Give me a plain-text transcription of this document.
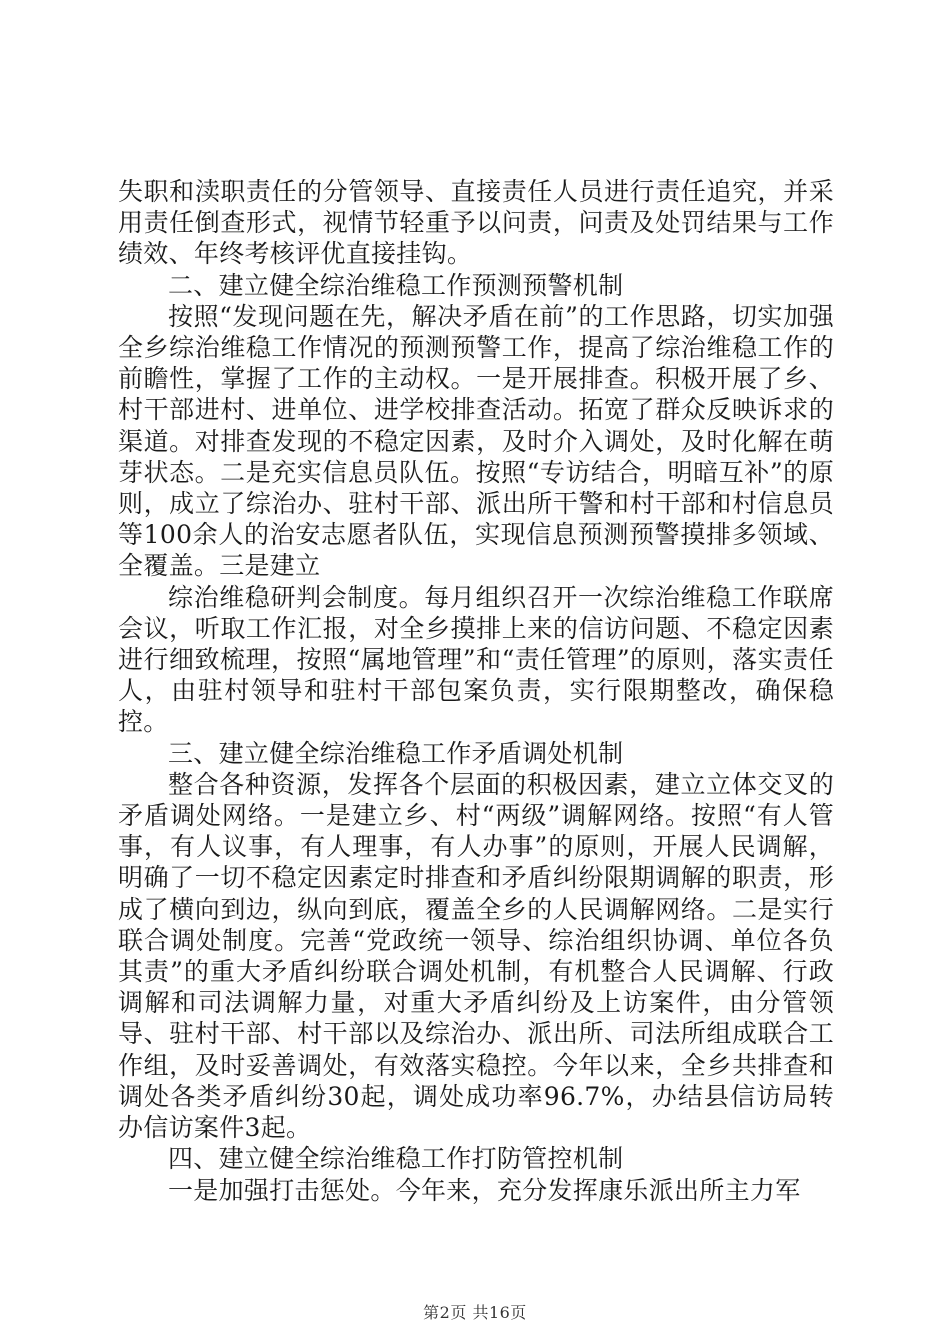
失职和渎职责任的分管领导、直接责任人员进行责任追究，并采用责任倒查形式，视情节轻重予以问责，问责及处罚结果与工作绩效、年终考核评优直接挂钩。

二、建立健全综治维稳工作预测预警机制

按照“发现问题在先，解决矛盾在前”的工作思路，切实加强全乡综治维稳工作情况的预测预警工作，提高了综治维稳工作的前瞻性，掌握了工作的主动权。一是开展排查。积极开展了乡、村干部进村、进单位、进学校排查活动。拓宽了群众反映诉求的渠道。对排查发现的不稳定因素，及时介入调处，及时化解在萌芽状态。二是充实信息员队伍。按照“专访结合，明暗互补”的原则，成立了综治办、驻村干部、派出所干警和村干部和村信息员等100余人的治安志愿者队伍，实现信息预测预警摸排多领域、全覆盖。三是建立

综治维稳研判会制度。每月组织召开一次综治维稳工作联席会议，听取工作汇报，对全乡摸排上来的信访问题、不稳定因素进行细致梳理，按照“属地管理”和“责任管理”的原则，落实责任人，由驻村领导和驻村干部包案负责，实行限期整改，确保稳控。

三、建立健全综治维稳工作矛盾调处机制

整合各种资源，发挥各个层面的积极因素，建立立体交叉的矛盾调处网络。一是建立乡、村“两级”调解网络。按照“有人管事，有人议事，有人理事，有人办事”的原则，开展人民调解，明确了一切不稳定因素定时排查和矛盾纠纷限期调解的职责，形成了横向到边，纵向到底，覆盖全乡的人民调解网络。二是实行联合调处制度。完善“党政统一领导、综治组织协调、单位各负其责”的重大矛盾纠纷联合调处机制，有机整合人民调解、行政调解和司法调解力量，对重大矛盾纠纷及上访案件，由分管领导、驻村干部、村干部以及综治办、派出所、司法所组成联合工作组，及时妥善调处，有效落实稳控。今年以来，全乡共排查和调处各类矛盾纠纷30起，调处成功率96.7%，办结县信访局转办信访案件3起。

四、建立健全综治维稳工作打防管控机制

一是加强打击惩处。今年来，充分发挥康乐派出所主力军

第2页 共16页
